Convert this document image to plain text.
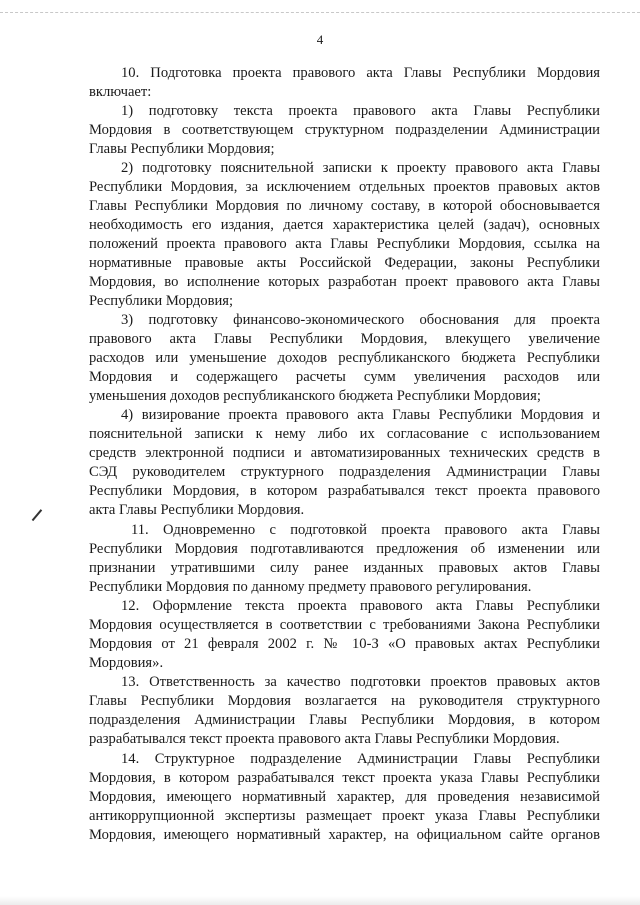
4
10. Подготовка проекта правового акта Главы Республики Мордовия
включает:
1) подготовку текста проекта правового акта Главы Республики
Мордовия в соответствующем структурном подразделении Администрации
Главы Республики Мордовия;
2) подготовку пояснительной записки к проекту правового акта Главы
Республики Мордовия, за исключением отдельных проектов правовых актов
Главы Республики Мордовия по личному составу, в которой обосновывается
необходимость его издания, дается характеристика целей (задач), основных
положений проекта правового акта Главы Республики Мордовия, ссылка на
нормативные правовые акты Российской Федерации, законы Республики
Мордовия, во исполнение которых разработан проект правового акта Главы
Республики Мордовия;
3) подготовку финансово-экономического обоснования для проекта
правового акта Главы Республики Мордовия, влекущего увеличение
расходов или уменьшение доходов республиканского бюджета Республики
Мордовия и содержащего расчеты сумм увеличения расходов или
уменьшения доходов республиканского бюджета Республики Мордовия;
4) визирование проекта правового акта Главы Республики Мордовия и
пояснительной записки к нему либо их согласование с использованием
средств электронной подписи и автоматизированных технических средств в
СЭД руководителем структурного подразделения Администрации Главы
Республики Мордовия, в котором разрабатывался текст проекта правового
акта Главы Республики Мордовия.
11. Одновременно с подготовкой проекта правового акта Главы
Республики Мордовия подготавливаются предложения об изменении или
признании утратившими силу ранее изданных правовых актов Главы
Республики Мордовия по данному предмету правового регулирования.
12. Оформление текста проекта правового акта Главы Республики
Мордовия осуществляется в соответствии с требованиями Закона Республики
Мордовия от 21 февраля 2002 г. № 10-З «О правовых актах Республики
Мордовия».
13. Ответственность за качество подготовки проектов правовых актов
Главы Республики Мордовия возлагается на руководителя структурного
подразделения Администрации Главы Республики Мордовия, в котором
разрабатывался текст проекта правового акта Главы Республики Мордовия.
14. Структурное подразделение Администрации Главы Республики
Мордовия, в котором разрабатывался текст проекта указа Главы Республики
Мордовия, имеющего нормативный характер, для проведения независимой
антикоррупционной экспертизы размещает проект указа Главы Республики
Мордовия, имеющего нормативный характер, на официальном сайте органов
